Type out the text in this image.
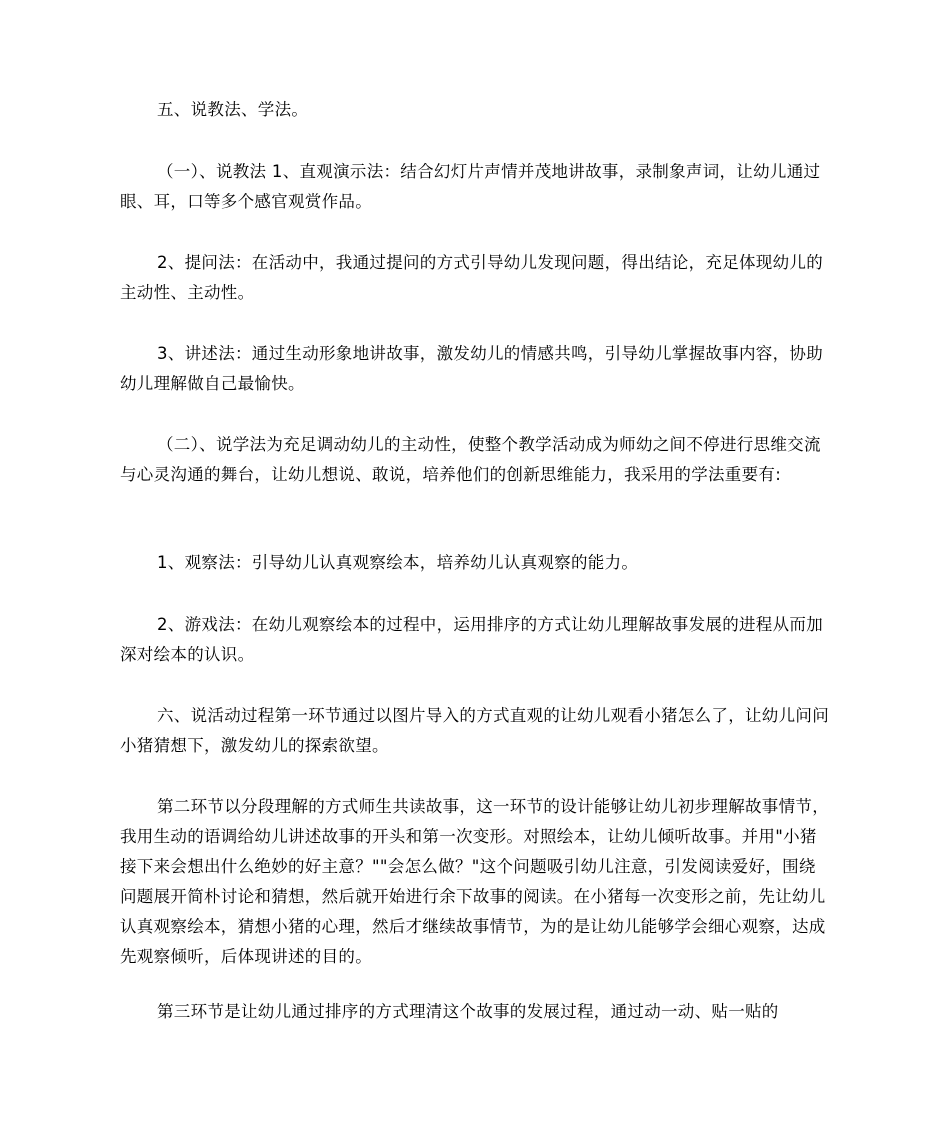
五、说教法、学法。

（一）、说教法 1、直观演示法：结合幻灯片声情并茂地讲故事，录制象声词，让幼儿通过眼、耳，口等多个感官观赏作品。

2、提问法：在活动中，我通过提问的方式引导幼儿发现问题，得出结论，充足体现幼儿的主动性、主动性。

3、讲述法：通过生动形象地讲故事，激发幼儿的情感共鸣，引导幼儿掌握故事内容，协助幼儿理解做自己最愉快。

（二）、说学法为充足调动幼儿的主动性，使整个教学活动成为师幼之间不停进行思维交流与心灵沟通的舞台，让幼儿想说、敢说，培养他们的创新思维能力，我采用的学法重要有:

1、观察法：引导幼儿认真观察绘本，培养幼儿认真观察的能力。

2、游戏法：在幼儿观察绘本的过程中，运用排序的方式让幼儿理解故事发展的进程从而加深对绘本的认识。

六、说活动过程第一环节通过以图片导入的方式直观的让幼儿观看小猪怎么了，让幼儿问问小猪猜想下，激发幼儿的探索欲望。

第二环节以分段理解的方式师生共读故事，这一环节的设计能够让幼儿初步理解故事情节，我用生动的语调给幼儿讲述故事的开头和第一次变形。对照绘本，让幼儿倾听故事。并用"小猪接下来会想出什么绝妙的好主意？""会怎么做？"这个问题吸引幼儿注意，引发阅读爱好，围绕问题展开简朴讨论和猜想，然后就开始进行余下故事的阅读。在小猪每一次变形之前，先让幼儿认真观察绘本，猜想小猪的心理，然后才继续故事情节，为的是让幼儿能够学会细心观察，达成先观察倾听，后体现讲述的目的。

第三环节是让幼儿通过排序的方式理清这个故事的发展过程，通过动一动、贴一贴的
